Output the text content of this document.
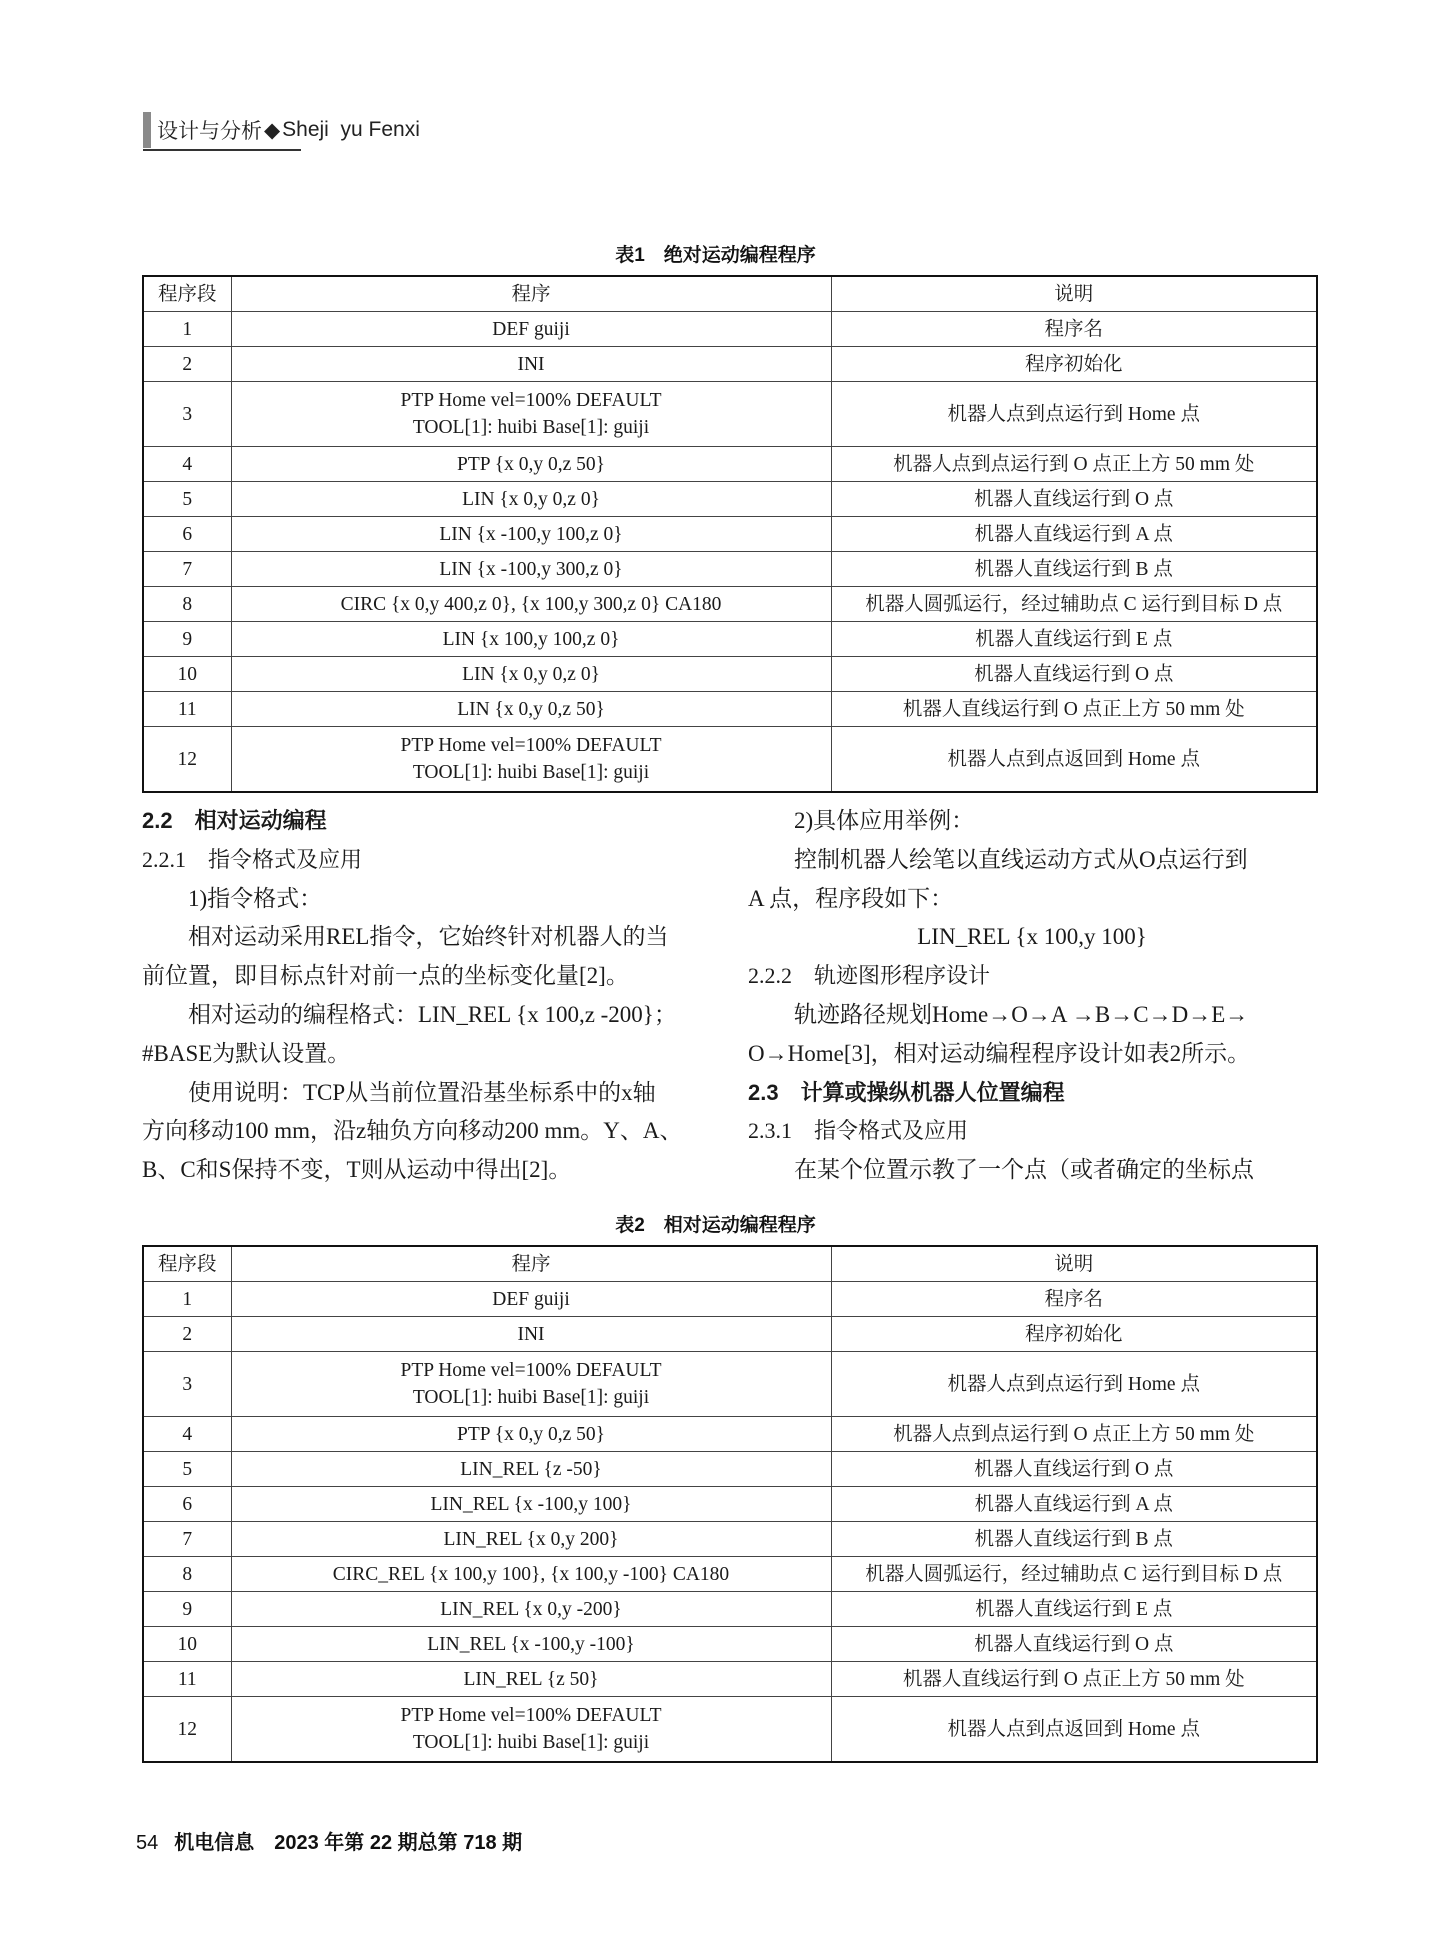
设计与分析 ◆ Sheji  yu Fenxi
表1　绝对运动编程程序
程序段	程序	说明
1	DEF guiji	程序名
2	INI	程序初始化
3	PTP Home vel=100% DEFAULT
TOOL[1]: huibi Base[1]: guiji	机器人点到点运行到 Home 点
4	PTP {x 0,y 0,z 50}	机器人点到点运行到 O 点正上方 50 mm 处
5	LIN {x 0,y 0,z 0}	机器人直线运行到 O 点
6	LIN {x -100,y 100,z 0}	机器人直线运行到 A 点
7	LIN {x -100,y 300,z 0}	机器人直线运行到 B 点
8	CIRC {x 0,y 400,z 0}, {x 100,y 300,z 0} CA180	机器人圆弧运行，经过辅助点 C 运行到目标 D 点
9	LIN {x 100,y 100,z 0}	机器人直线运行到 E 点
10	LIN {x 0,y 0,z 0}	机器人直线运行到 O 点
11	LIN {x 0,y 0,z 50}	机器人直线运行到 O 点正上方 50 mm 处
12	PTP Home vel=100% DEFAULT
TOOL[1]: huibi Base[1]: guiji	机器人点到点返回到 Home 点
2.2　相对运动编程
2.2.1　指令格式及应用
1)指令格式：
相对运动采用REL指令，它始终针对机器人的当
前位置，即目标点针对前一点的坐标变化量[2]。
相对运动的编程格式：LIN_REL {x 100,z -200}；
#BASE为默认设置。
使用说明：TCP从当前位置沿基坐标系中的x轴
方向移动100 mm，沿z轴负方向移动200 mm。Y、A、
B、C和S保持不变，T则从运动中得出[2]。
2)具体应用举例：
控制机器人绘笔以直线运动方式从O点运行到
A 点，程序段如下：
LIN_REL {x 100,y 100}
2.2.2　轨迹图形程序设计
轨迹路径规划Home→O→A →B→C→D→E→
O→Home[3]，相对运动编程程序设计如表2所示。
2.3　计算或操纵机器人位置编程
2.3.1　指令格式及应用
在某个位置示教了一个点（或者确定的坐标点
表2　相对运动编程程序
程序段	程序	说明
1	DEF guiji	程序名
2	INI	程序初始化
3	PTP Home vel=100% DEFAULT
TOOL[1]: huibi Base[1]: guiji	机器人点到点运行到 Home 点
4	PTP {x 0,y 0,z 50}	机器人点到点运行到 O 点正上方 50 mm 处
5	LIN_REL {z -50}	机器人直线运行到 O 点
6	LIN_REL {x -100,y 100}	机器人直线运行到 A 点
7	LIN_REL {x 0,y 200}	机器人直线运行到 B 点
8	CIRC_REL {x 100,y 100}, {x 100,y -100} CA180	机器人圆弧运行，经过辅助点 C 运行到目标 D 点
9	LIN_REL {x 0,y -200}	机器人直线运行到 E 点
10	LIN_REL {x -100,y -100}	机器人直线运行到 O 点
11	LIN_REL {z 50}	机器人直线运行到 O 点正上方 50 mm 处
12	PTP Home vel=100% DEFAULT
TOOL[1]: huibi Base[1]: guiji	机器人点到点返回到 Home 点
54 机电信息　2023 年第 22 期总第 718 期
